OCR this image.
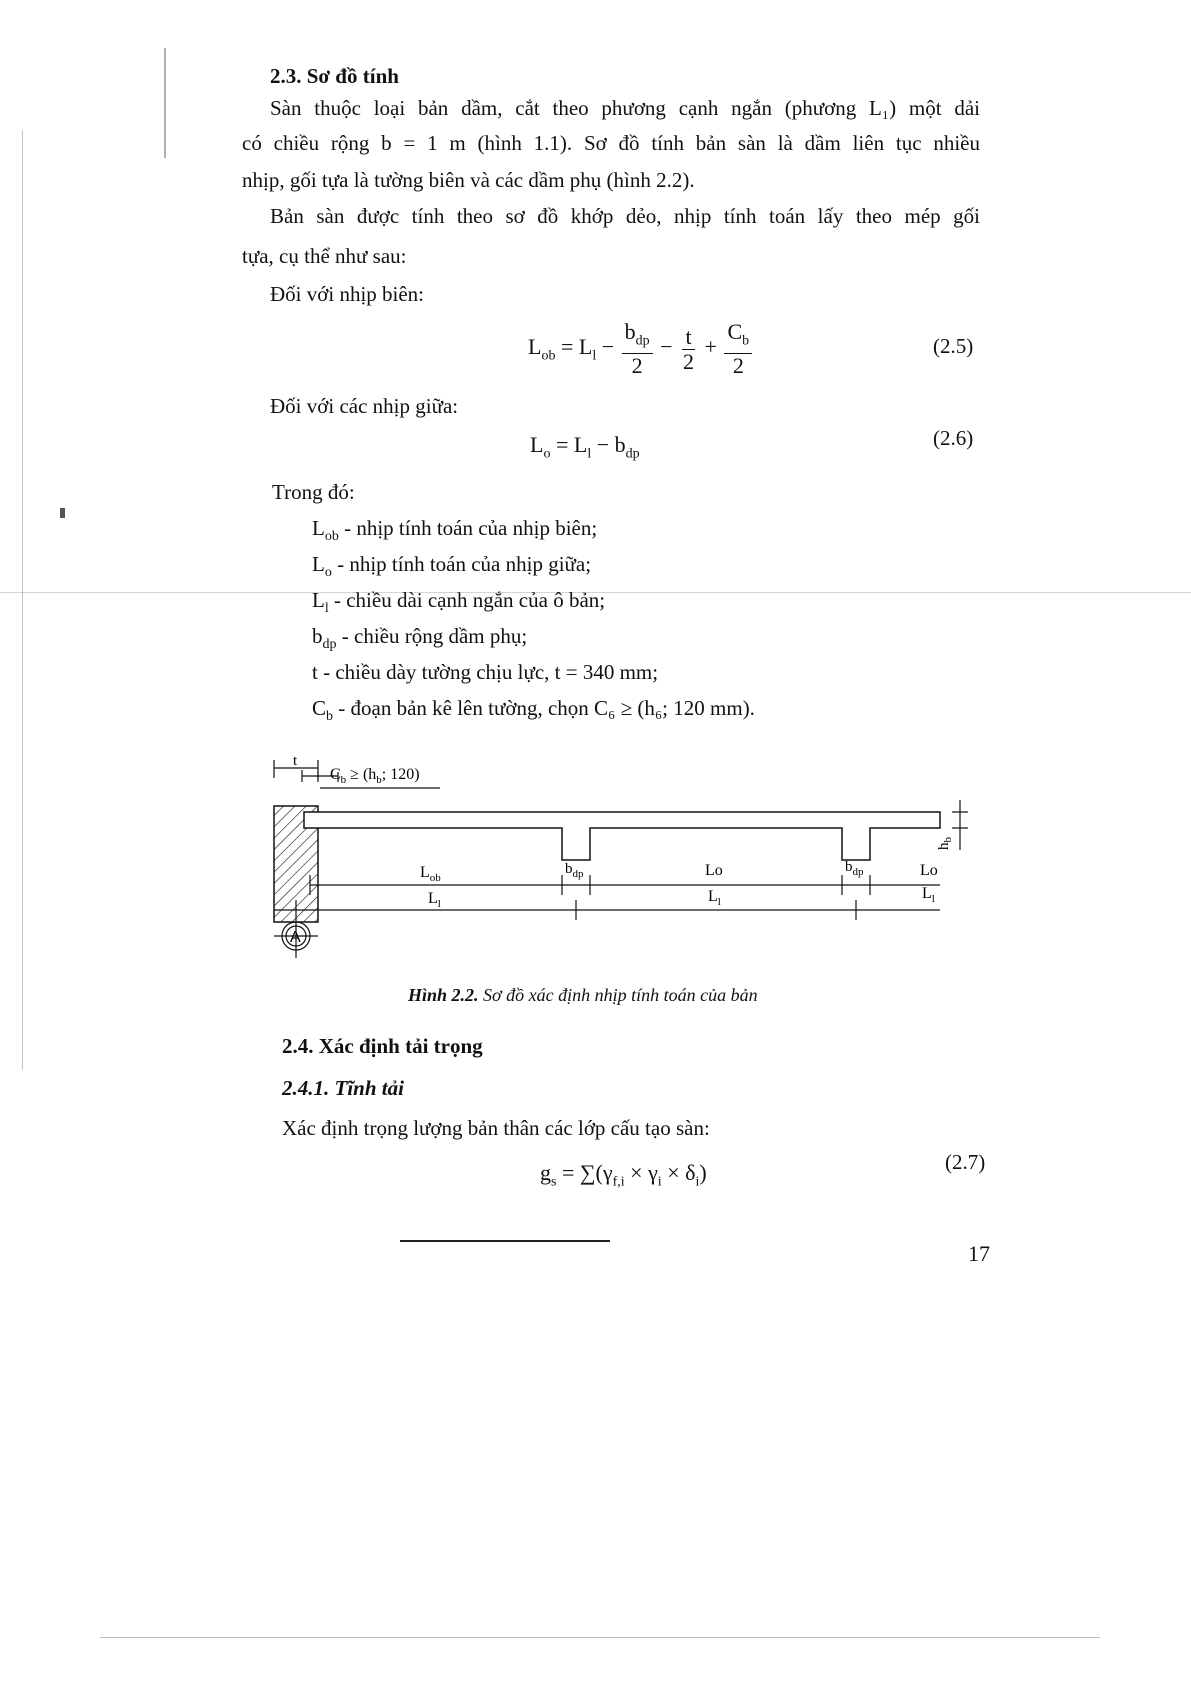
2.3. Sơ đồ tính
Sàn thuộc loại bản dầm, cắt theo phương cạnh ngắn (phương L₁) một dải
có chiều rộng b = 1 m (hình 1.1). Sơ đồ tính bản sàn là dầm liên tục nhiều
nhịp, gối tựa là tường biên và các dầm phụ (hình 2.2).
Bản sàn được tính theo sơ đồ khớp dẻo, nhịp tính toán lấy theo mép gối
tựa, cụ thể như sau:
Đối với nhịp biên:
$L_{ob} = L_l - \frac{b_{dp}}{2} - \frac{t}{2} + \frac{C_b}{2}$	(2.5)
Đối với các nhịp giữa:
$L_o = L_l - b_{dp}$
(2.6)
Trong đó:
$L_{ob}$ - nhịp tính toán của nhịp biên;
$L_o$ - nhịp tính toán của nhịp giữa;
$L_l$ - chiều dài cạnh ngắn của ô bản;
$b_{dp}$ - chiều rộng dầm phụ;
t - chiều dày tường chịu lực, t = 340 mm;
$C_b$ - đoạn bản kê lên tường, chọn C₆ ≥ (h₆; 120 mm).
t
$C_b \ge (h_b$; 120)
$h_b$
$L_{ob}$	Lo	Lo
$b_{dp}$	$b_{dp}$
$L_l$	$L_l$	$L_l$
A
Hình 2.2. Sơ đồ xác định nhịp tính toán của bản
2.4. Xác định tải trọng
2.4.1. Tĩnh tải
Xác định trọng lượng bản thân các lớp cấu tạo sàn:
$g_s = \sum(\gamma_{f,i} \times \gamma_i \times \delta_i)$	(2.7)
17
